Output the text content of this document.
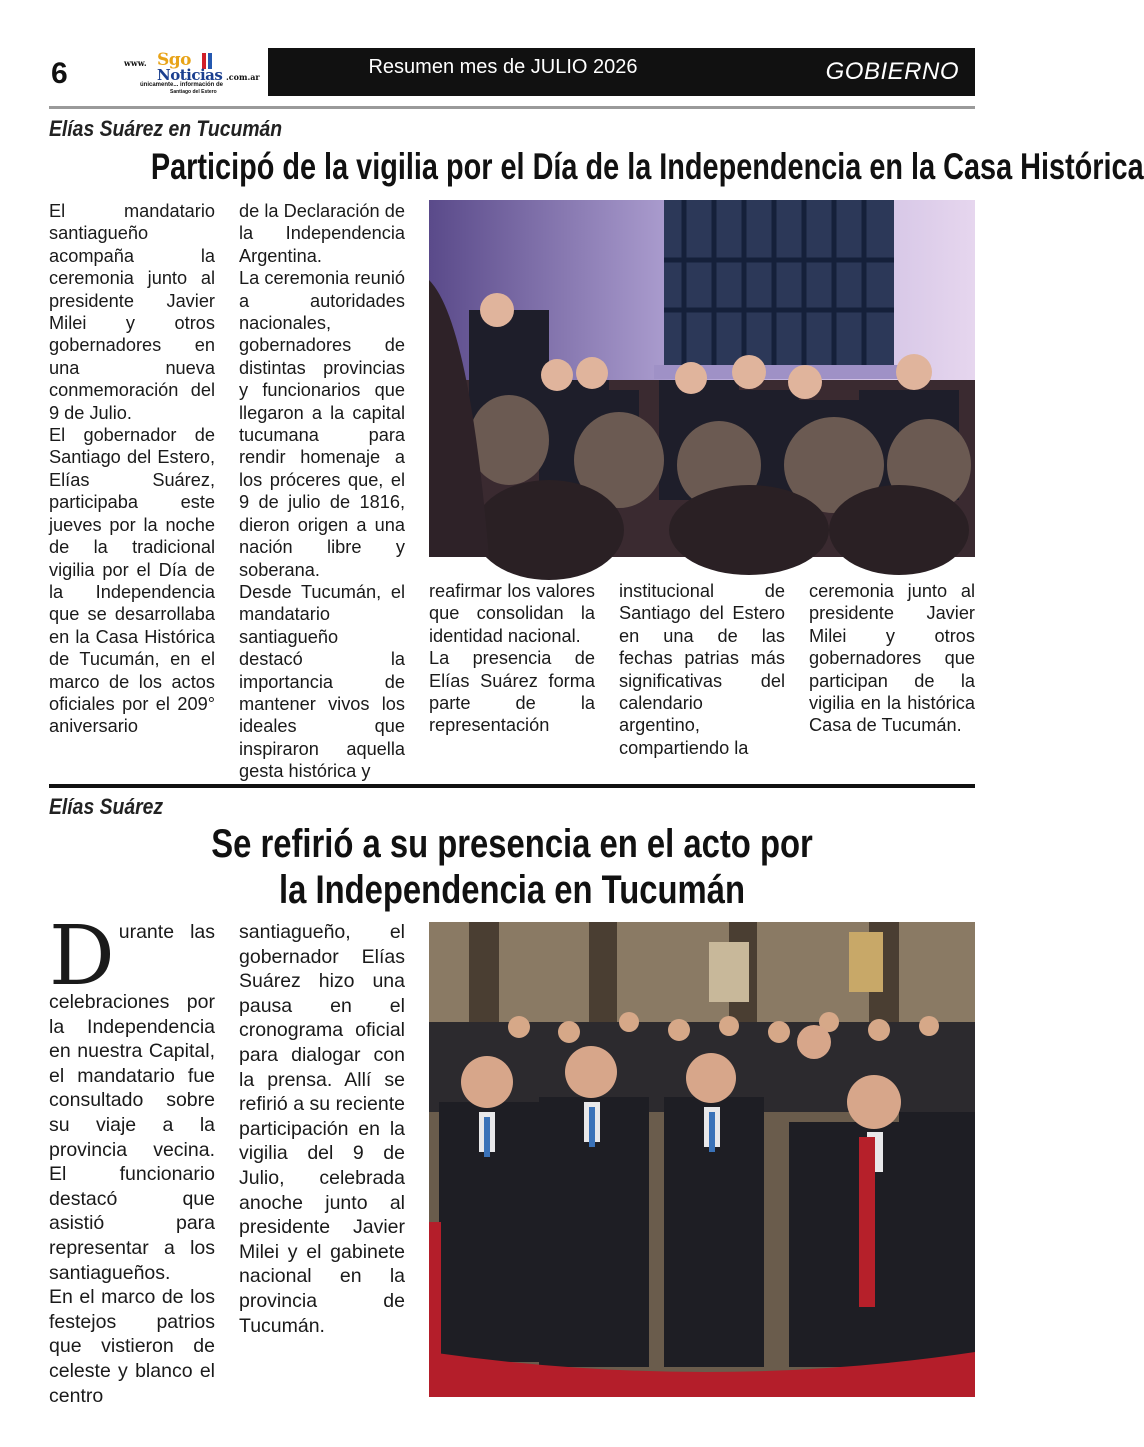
6	www. Sgo
Noticias .com.ar
únicamente... información de
Santiago del Estero
Resumen mes de JULIO 2026	GOBIERNO
Elías Suárez en Tucumán
Participó de la vigilia por el Día de la Independencia en la Casa Histórica

El mandatario santiagueño acompaña la ceremonia junto al presidente Javier Milei y otros gobernadores en una nueva conmemoración del 9 de Julio.

El gobernador de Santiago del Estero, Elías Suárez, participaba este jueves por la noche de la tradicional vigilia por el Día de la Independencia que se desarrollaba en la Casa Histórica de Tucumán, en el marco de los actos oficiales por el 209° aniversario

de la Declaración de la Independencia Argentina.

La ceremonia reunió a autoridades nacionales, gobernadores de distintas provincias y funcionarios que llegaron a la capital tucumana para rendir homenaje a los próceres que, el 9 de julio de 1816, dieron origen a una nación libre y soberana.

Desde Tucumán, el mandatario santiagueño destacó la importancia de mantener vivos los ideales que inspiraron aquella gesta histórica y

reafirmar los valores que consolidan la identidad nacional.

La presencia de Elías Suárez forma parte de la representación

institucional de Santiago del Estero en una de las fechas patrias más significativas del calendario argentino, compartiendo la

ceremonia junto al presidente Javier Milei y otros gobernadores que participan de la vigilia en la histórica Casa de Tucumán.

Elías Suárez
Se refirió a su presencia en el acto por
la Independencia en Tucumán

Durante las celebraciones por la Independencia en nuestra Capital, el mandatario fue consultado sobre su viaje a la provincia vecina. El funcionario destacó que asistió para representar a los santiagueños.

En el marco de los festejos patrios que vistieron de celeste y blanco el centro

santiagueño, el gobernador Elías Suárez hizo una pausa en el cronograma oficial para dialogar con la prensa. Allí se refirió a su reciente participación en la vigilia del 9 de Julio, celebrada anoche junto al presidente Javier Milei y el gabinete nacional en la provincia de Tucumán.
